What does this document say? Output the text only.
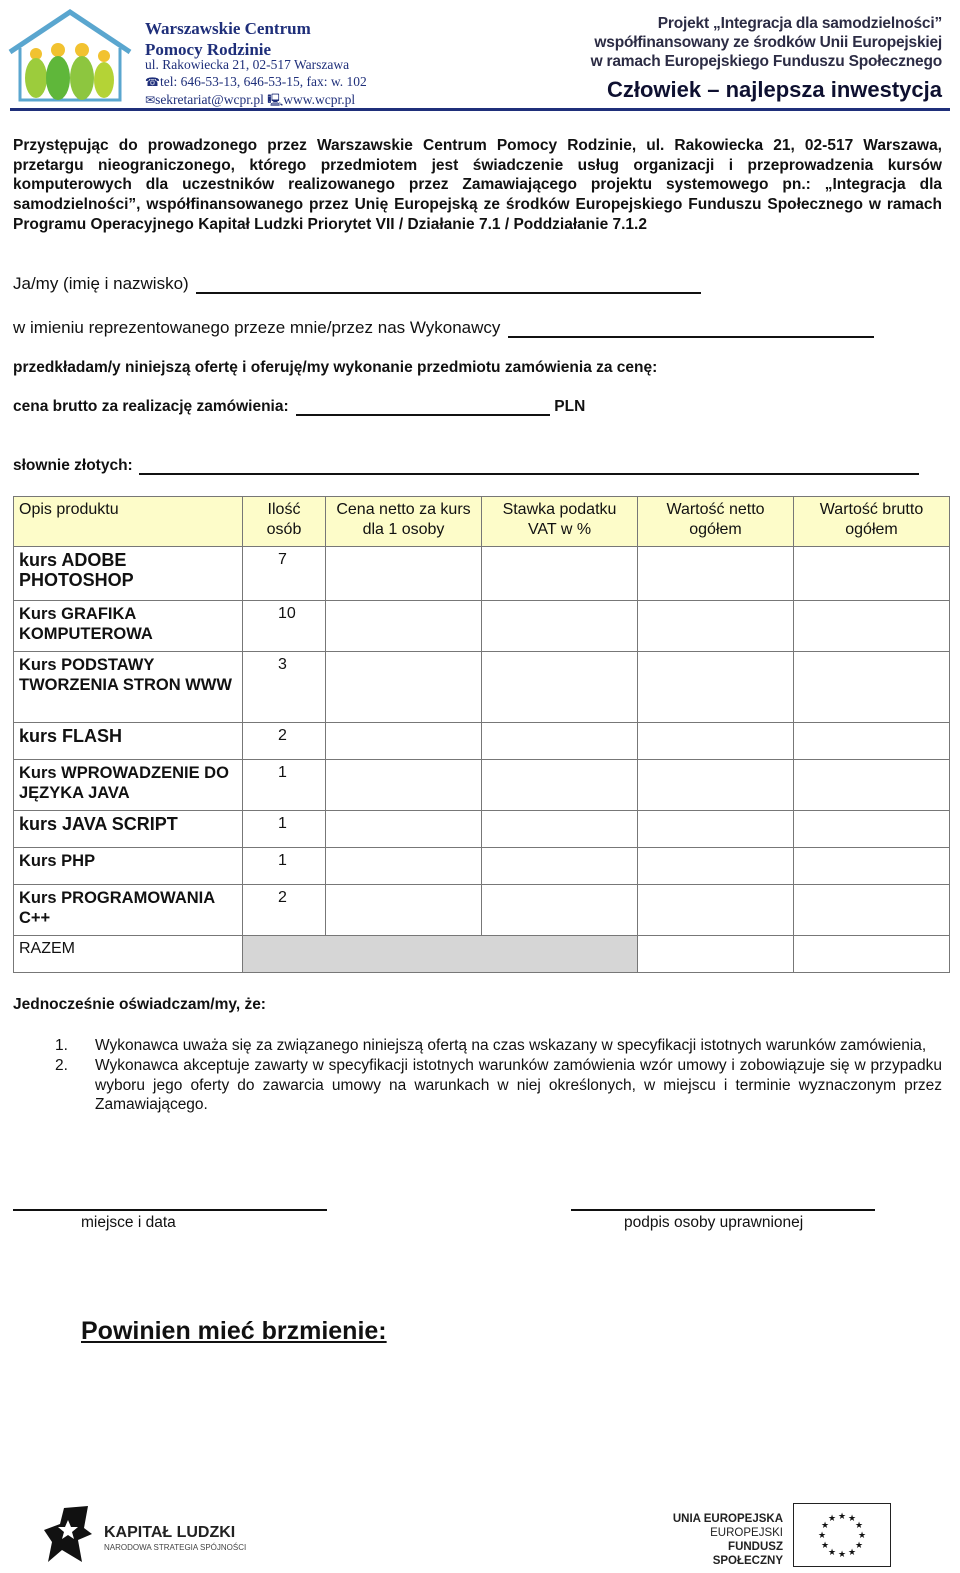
Warszawskie Centrum
Pomocy Rodzinie
ul. Rakowiecka 21, 02-517 Warszawa
☎tel: 646-53-13, 646-53-15, fax: w. 102
✉sekretariat@wcpr.pl 🖳www.wcpr.pl
Projekt „Integracja dla samodzielności”
współfinansowany ze środków Unii Europejskiej
w ramach Europejskiego Funduszu Społecznego
Człowiek – najlepsza inwestycja
Przystępując do prowadzonego przez Warszawskie Centrum Pomocy Rodzinie, ul. Rakowiecka 21, 02-517 Warszawa, przetargu nieograniczonego, którego przedmiotem jest świadczenie usług organizacji i przeprowadzenia kursów komputerowych dla uczestników realizowanego przez Zamawiającego projektu systemowego pn.: „Integracja dla samodzielności”, współfinansowanego przez Unię Europejską ze środków Europejskiego Funduszu Społecznego w ramach Programu Operacyjnego Kapitał Ludzki Priorytet VII / Działanie 7.1 / Poddziałanie 7.1.2
Ja/my (imię i nazwisko)
w imieniu reprezentowanego przeze mnie/przez nas Wykonawcy
przedkładam/y niniejszą ofertę i oferuję/my wykonanie przedmiotu zamówienia za cenę:
cena brutto za realizację zamówienia:	PLN
słownie złotych:
Opis produktu	Ilość osób	Cena netto za kurs dla 1 osoby	Stawka podatku VAT w %	Wartość netto ogółem	Wartość brutto ogółem
kurs ADOBE PHOTOSHOP	7				
Kurs GRAFIKA KOMPUTEROWA	10				
Kurs PODSTAWY TWORZENIA STRON WWW	3				
kurs FLASH	2				
Kurs WPROWADZENIE DO JĘZYKA JAVA	1				
kurs JAVA SCRIPT	1				
Kurs PHP	1				
Kurs PROGRAMOWANIA C++	2				
RAZEM					
Jednocześnie oświadczam/my, że:
1. Wykonawca uważa się za związanego niniejszą ofertą na czas wskazany w specyfikacji istotnych warunków zamówienia,
2. Wykonawca akceptuje zawarty w specyfikacji istotnych warunków zamówienia wzór umowy i zobowiązuje się w przypadku wyboru jego oferty do zawarcia umowy na warunkach w niej określonych, w miejscu i terminie wyznaczonym przez Zamawiającego.
miejsce i data	podpis osoby uprawnionej
Powinien mieć brzmienie:
KAPITAŁ LUDZKI
NARODOWA STRATEGIA SPÓJNOŚCI
UNIA EUROPEJSKA
EUROPEJSKI
FUNDUSZ SPOŁECZNY
★ ★
★
★
★
★
★
★
★
★
★
★
